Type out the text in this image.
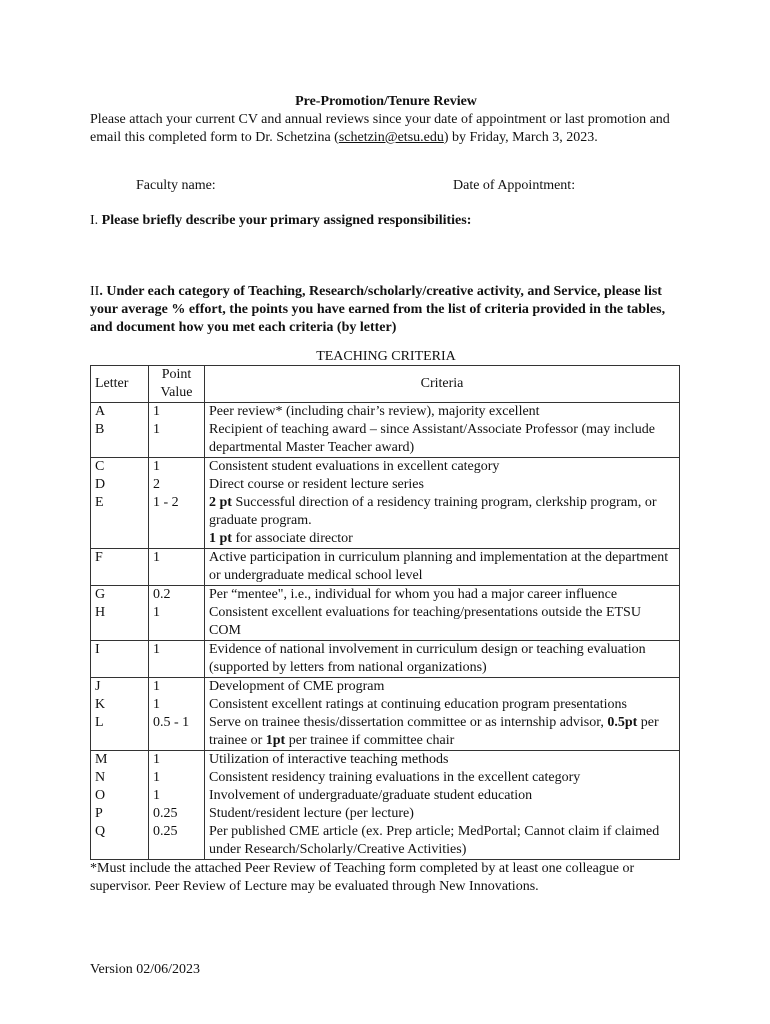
Pre-Promotion/Tenure Review

Please attach your current CV and annual reviews since your date of appointment or last promotion and email this completed form to Dr. Schetzina (schetzin@etsu.edu) by Friday, March 3, 2023.

Faculty name:	Date of Appointment:
I. Please briefly describe your primary assigned responsibilities:
II. Under each category of Teaching, Research/scholarly/creative activity, and Service, please list your average % effort, the points you have earned from the list of criteria provided in the tables, and document how you met each criteria (by letter)
TEACHING CRITERIA
Letter	Point Value	Criteria
A	1	Peer review* (including chair’s review), majority excellent
B	1	Recipient of teaching award – since Assistant/Associate Professor (may include departmental Master Teacher award)
C	1	Consistent student evaluations in excellent category
D	2	Direct course or resident lecture series
E	1 - 2	2 pt Successful direction of a residency training program, clerkship program, or graduate program.
1 pt for associate director
F	1	Active participation in curriculum planning and implementation at the department or undergraduate medical school level
G	0.2	Per “mentee", i.e., individual for whom you had a major career influence
H	1	Consistent excellent evaluations for teaching/presentations outside the ETSU COM
I	1	Evidence of national involvement in curriculum design or teaching evaluation (supported by letters from national organizations)
J	1	Development of CME program
K	1	Consistent excellent ratings at continuing education program presentations
L	0.5 - 1	Serve on trainee thesis/dissertation committee or as internship advisor, 0.5pt per trainee or 1pt per trainee if committee chair
M	1	Utilization of interactive teaching methods
N	1	Consistent residency training evaluations in the excellent category
O	1	Involvement of undergraduate/graduate student education
P	0.25	Student/resident lecture (per lecture)
Q	0.25	Per published CME article (ex. Prep article; MedPortal; Cannot claim if claimed under Research/Scholarly/Creative Activities)
*Must include the attached Peer Review of Teaching form completed by at least one colleague or supervisor. Peer Review of Lecture may be evaluated through New Innovations.
Version 02/06/2023
